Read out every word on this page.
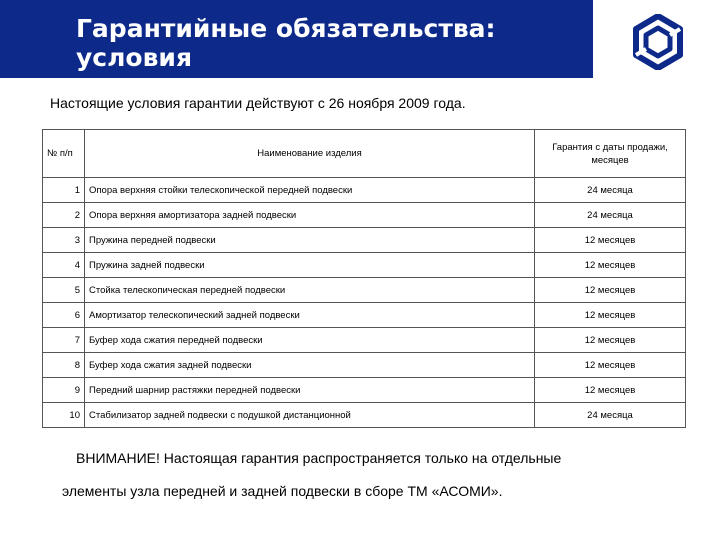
Гарантийные обязательства: условия

Настоящие условия гарантии действуют с 26 ноября 2009 года.

№ п/п	Наименование изделия	Гарантия с даты продажи, месяцев
1	Опора верхняя стойки телескопической передней подвески	24 месяца
2	Опора верхняя амортизатора задней подвески	24 месяца
3	Пружина передней подвески	12 месяцев
4	Пружина задней подвески	12 месяцев
5	Стойка телескопическая передней подвески	12 месяцев
6	Амортизатор телескопический задней подвески	12 месяцев
7	Буфер хода сжатия передней подвески	12 месяцев
8	Буфер хода сжатия задней подвески	12 месяцев
9	Передний шарнир растяжки передней подвески	12 месяцев
10	Стабилизатор задней подвески с подушкой дистанционной	24 месяца

ВНИМАНИЕ! Настоящая гарантия распространяется только на отдельные

элементы узла передней и задней подвески в сборе ТМ «АСОМИ».
